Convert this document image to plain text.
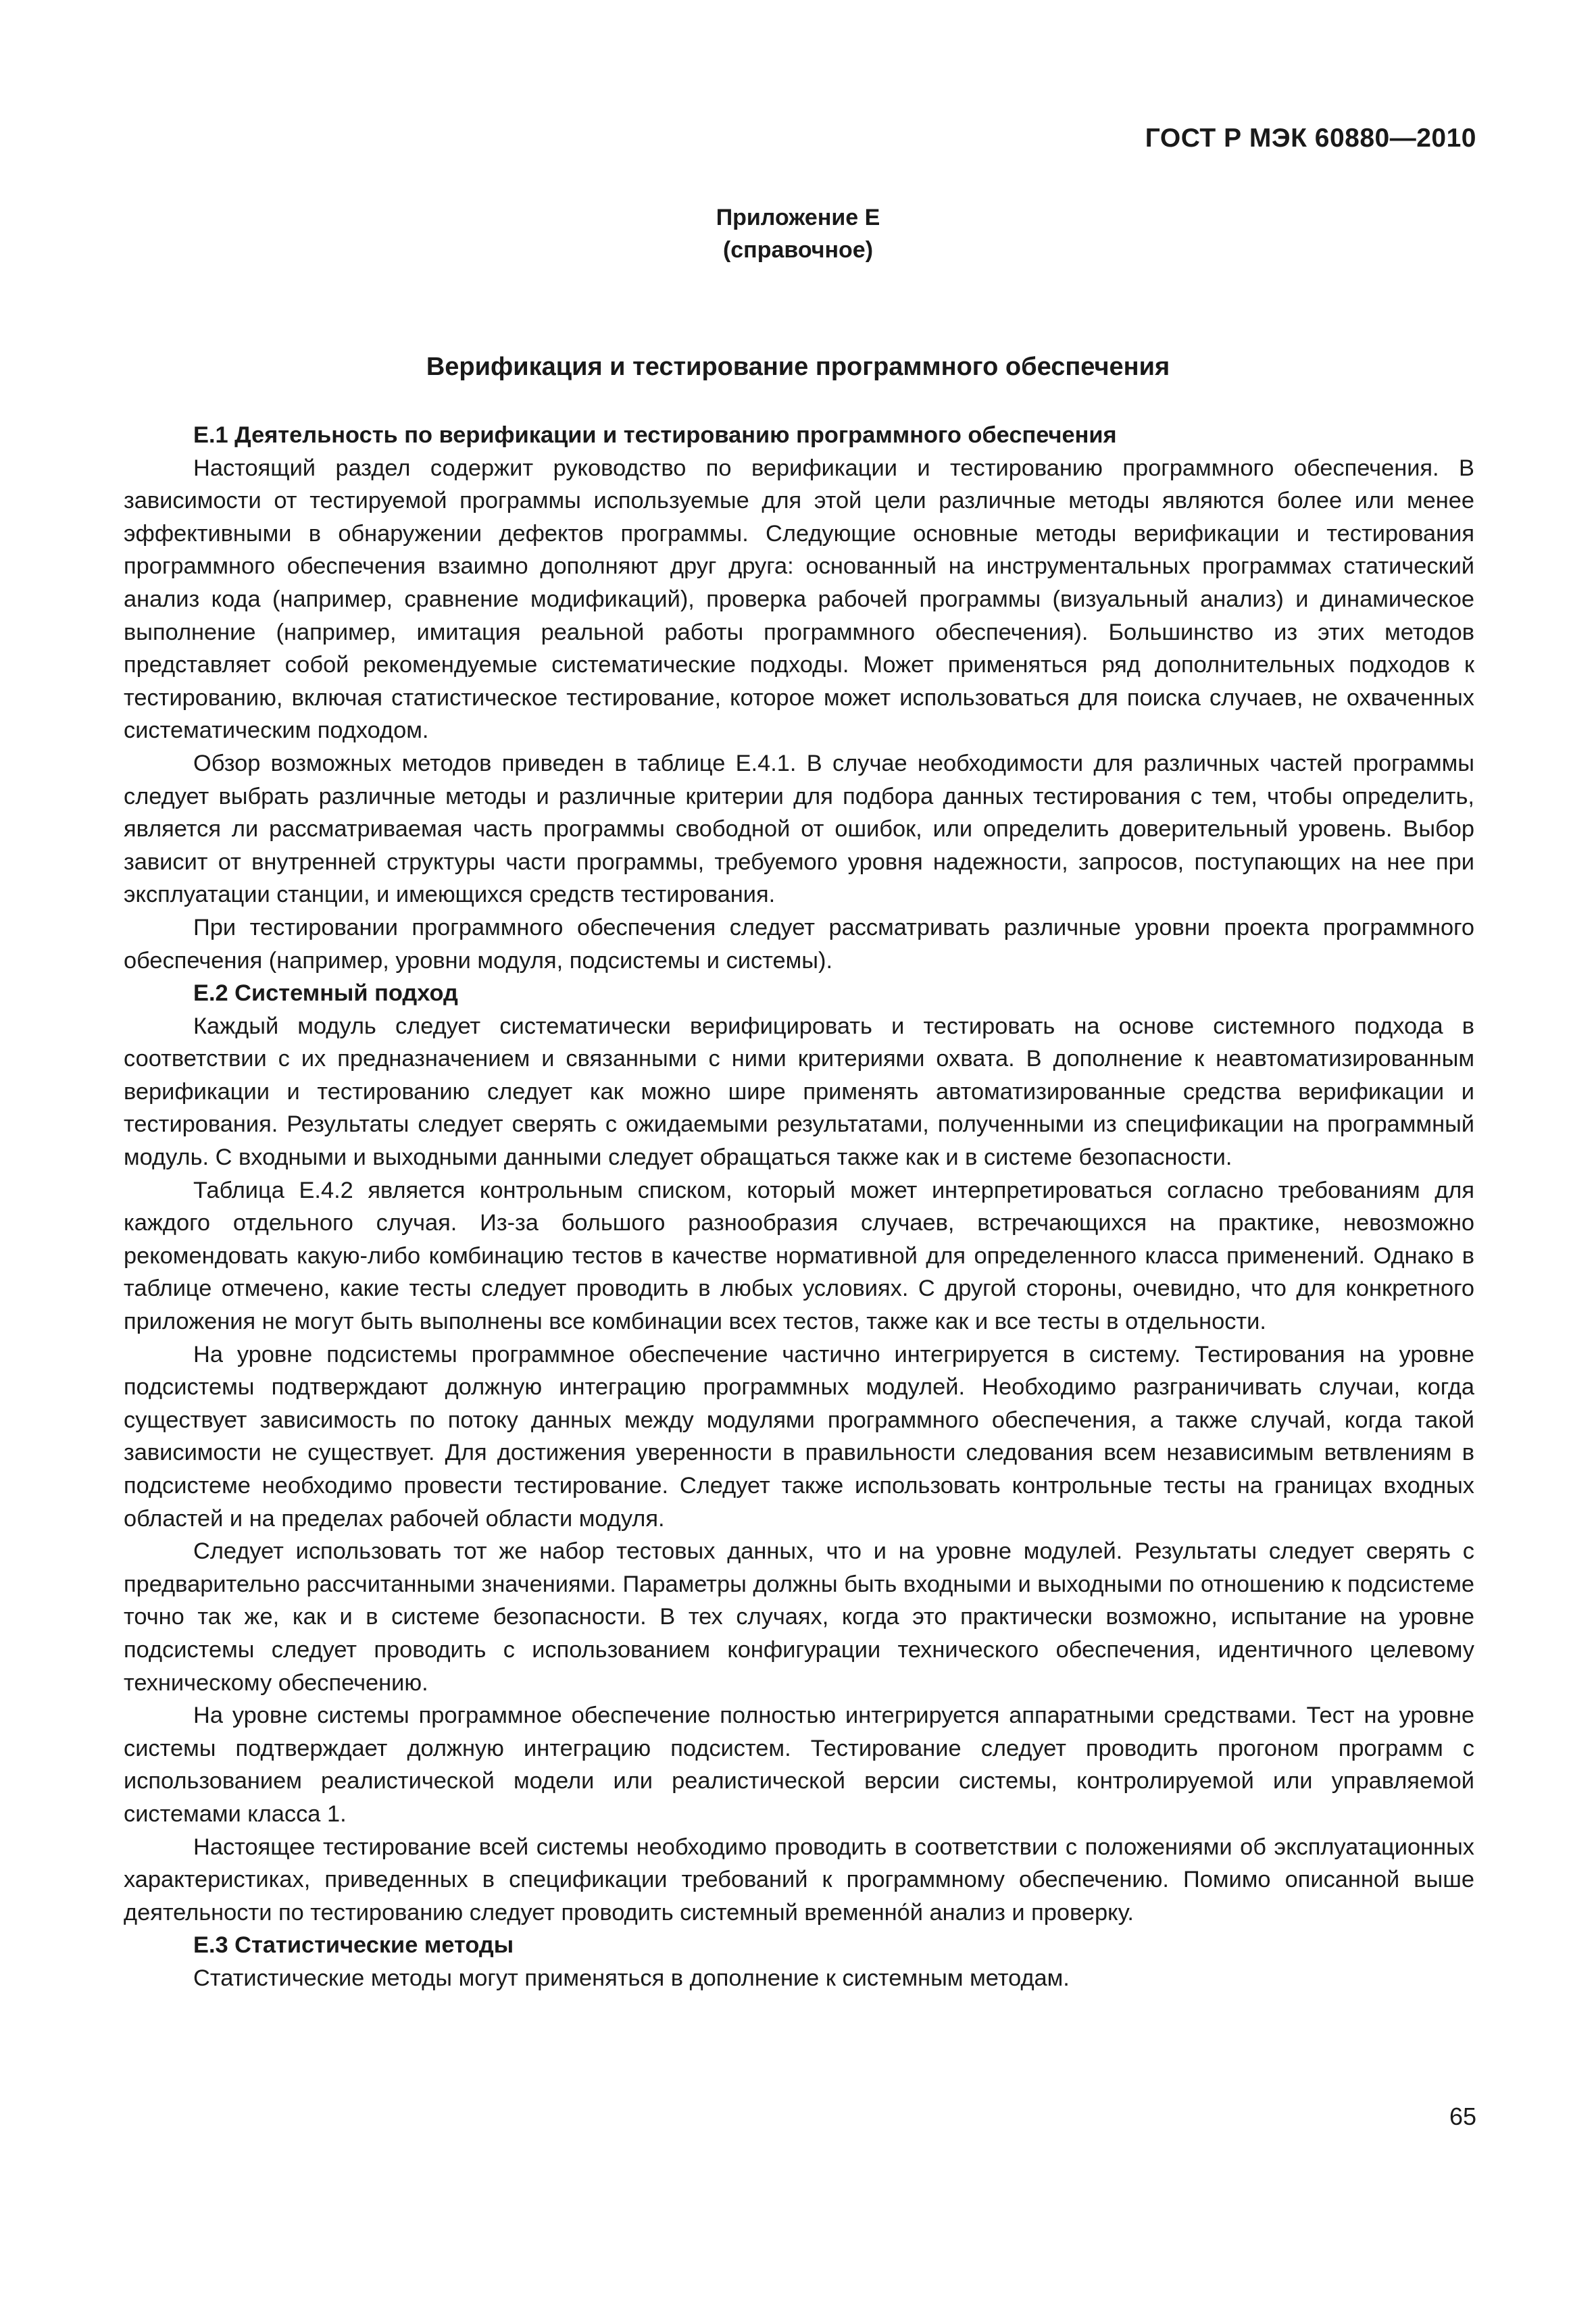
ГОСТ Р МЭК 60880—2010
Приложение Е
(справочное)
Верификация и тестирование программного обеспечения
Е.1 Деятельность по верификации и тестированию программного обеспечения

Настоящий раздел содержит руководство по верификации и тестированию программного обеспечения. В зависимости от тестируемой программы используемые для этой цели различные методы являются более или менее эффективными в обнаружении дефектов программы. Следующие основные методы верификации и тестирования программного обеспечения взаимно дополняют друг друга: основанный на инструментальных программах статический анализ кода (например, сравнение модификаций), проверка рабочей программы (визуальный анализ) и динамическое выполнение (например, имитация реальной работы программного обеспечения). Большинство из этих методов представляет собой рекомендуемые систематические подходы. Может применяться ряд дополнительных подходов к тестированию, включая статистическое тестирование, которое может использоваться для поиска случаев, не охваченных систематическим подходом.

Обзор возможных методов приведен в таблице Е.4.1. В случае необходимости для различных частей программы следует выбрать различные методы и различные критерии для подбора данных тестирования с тем, чтобы определить, является ли рассматриваемая часть программы свободной от ошибок, или определить доверительный уровень. Выбор зависит от внутренней структуры части программы, требуемого уровня надежности, запросов, поступающих на нее при эксплуатации станции, и имеющихся средств тестирования.

При тестировании программного обеспечения следует рассматривать различные уровни проекта программного обеспечения (например, уровни модуля, подсистемы и системы).

Е.2 Системный подход

Каждый модуль следует систематически верифицировать и тестировать на основе системного подхода в соответствии с их предназначением и связанными с ними критериями охвата. В дополнение к неавтоматизированным верификации и тестированию следует как можно шире применять автоматизированные средства верификации и тестирования. Результаты следует сверять с ожидаемыми результатами, полученными из спецификации на программный модуль. С входными и выходными данными следует обращаться также как и в системе безопасности.

Таблица Е.4.2 является контрольным списком, который может интерпретироваться согласно требованиям для каждого отдельного случая. Из-за большого разнообразия случаев, встречающихся на практике, невозможно рекомендовать какую-либо комбинацию тестов в качестве нормативной для определенного класса применений. Однако в таблице отмечено, какие тесты следует проводить в любых условиях. С другой стороны, очевидно, что для конкретного приложения не могут быть выполнены все комбинации всех тестов, также как и все тесты в отдельности.

На уровне подсистемы программное обеспечение частично интегрируется в систему. Тестирования на уровне подсистемы подтверждают должную интеграцию программных модулей. Необходимо разграничивать случаи, когда существует зависимость по потоку данных между модулями программного обеспечения, а также случай, когда такой зависимости не существует. Для достижения уверенности в правильности следования всем независимым ветвлениям в подсистеме необходимо провести тестирование. Следует также использовать контрольные тесты на границах входных областей и на пределах рабочей области модуля.

Следует использовать тот же набор тестовых данных, что и на уровне модулей. Результаты следует сверять с предварительно рассчитанными значениями. Параметры должны быть входными и выходными по отношению к подсистеме точно так же, как и в системе безопасности. В тех случаях, когда это практически возможно, испытание на уровне подсистемы следует проводить с использованием конфигурации технического обеспечения, идентичного целевому техническому обеспечению.

На уровне системы программное обеспечение полностью интегрируется аппаратными средствами. Тест на уровне системы подтверждает должную интеграцию подсистем. Тестирование следует проводить прогоном программ с использованием реалистической модели или реалистической версии системы, контролируемой или управляемой системами класса 1.

Настоящее тестирование всей системы необходимо проводить в соответствии с положениями об эксплуатационных характеристиках, приведенных в спецификации требований к программному обеспечению. Помимо описанной выше деятельности по тестированию следует проводить системный временно́й анализ и проверку.

Е.3 Статистические методы

Статистические методы могут применяться в дополнение к системным методам.

65
